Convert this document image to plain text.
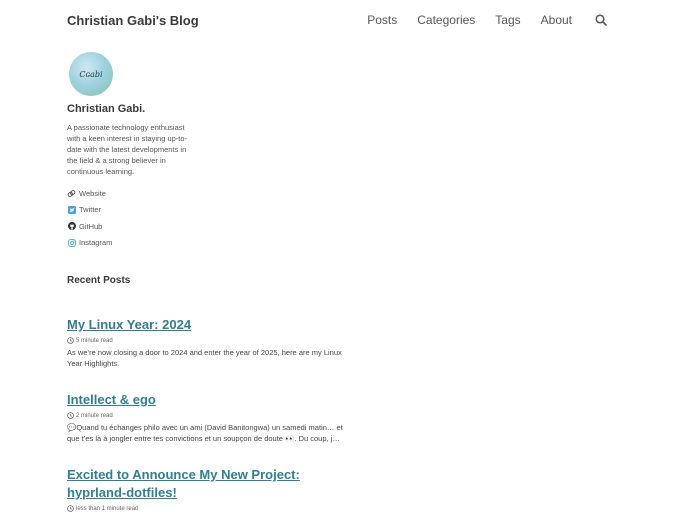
Christian Gabi's Blog	Posts Categories Tags About
Cɢabi
Christian Gabi.
A passionate technology enthusiast with a keen interest in staying up-to-date with the latest developments in the field & a strong believer in continuous learning.
Website
Twitter
GitHub
Instagram
Recent Posts
My Linux Year: 2024
5 minute read
As we’re now closing a door to 2024 and enter the year of 2025, here are my Linux Year Highlights.
Intellect & ego
2 minute read
💬Quand tu échanges philo avec un ami (David Banitongwa) un samedi matin… et que t’es là à jongler entre tes convictions et un soupçon de doute 👀. Du coup, j…
Excited to Announce My New Project: hyprland-dotfiles!
less than 1 minute read
